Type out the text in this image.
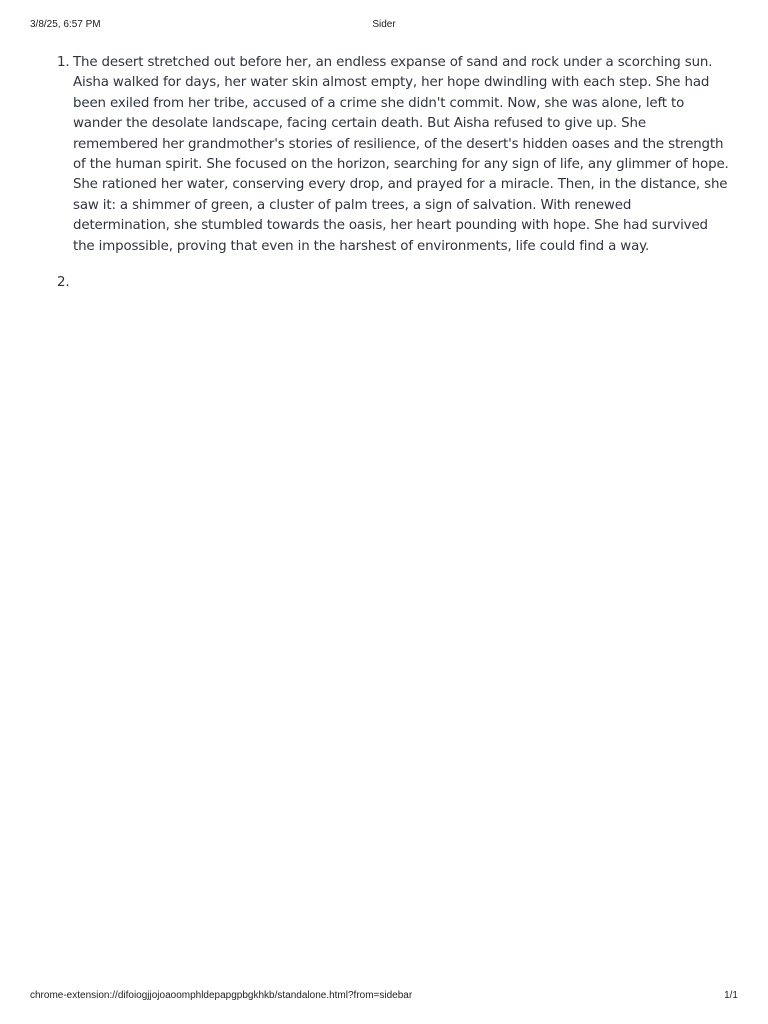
3/8/25, 6:57 PM	Sider
1. The desert stretched out before her, an endless expanse of sand and rock under a scorching sun. Aisha walked for days, her water skin almost empty, her hope dwindling with each step. She had been exiled from her tribe, accused of a crime she didn't commit. Now, she was alone, left to wander the desolate landscape, facing certain death. But Aisha refused to give up. She remembered her grandmother's stories of resilience, of the desert's hidden oases and the strength of the human spirit. She focused on the horizon, searching for any sign of life, any glimmer of hope. She rationed her water, conserving every drop, and prayed for a miracle. Then, in the distance, she saw it: a shimmer of green, a cluster of palm trees, a sign of salvation. With renewed determination, she stumbled towards the oasis, her heart pounding with hope. She had survived the impossible, proving that even in the harshest of environments, life could find a way.
2.
chrome-extension://difoiogjjojoaoomphldepapgpbgkhkb/standalone.html?from=sidebar	1/1
